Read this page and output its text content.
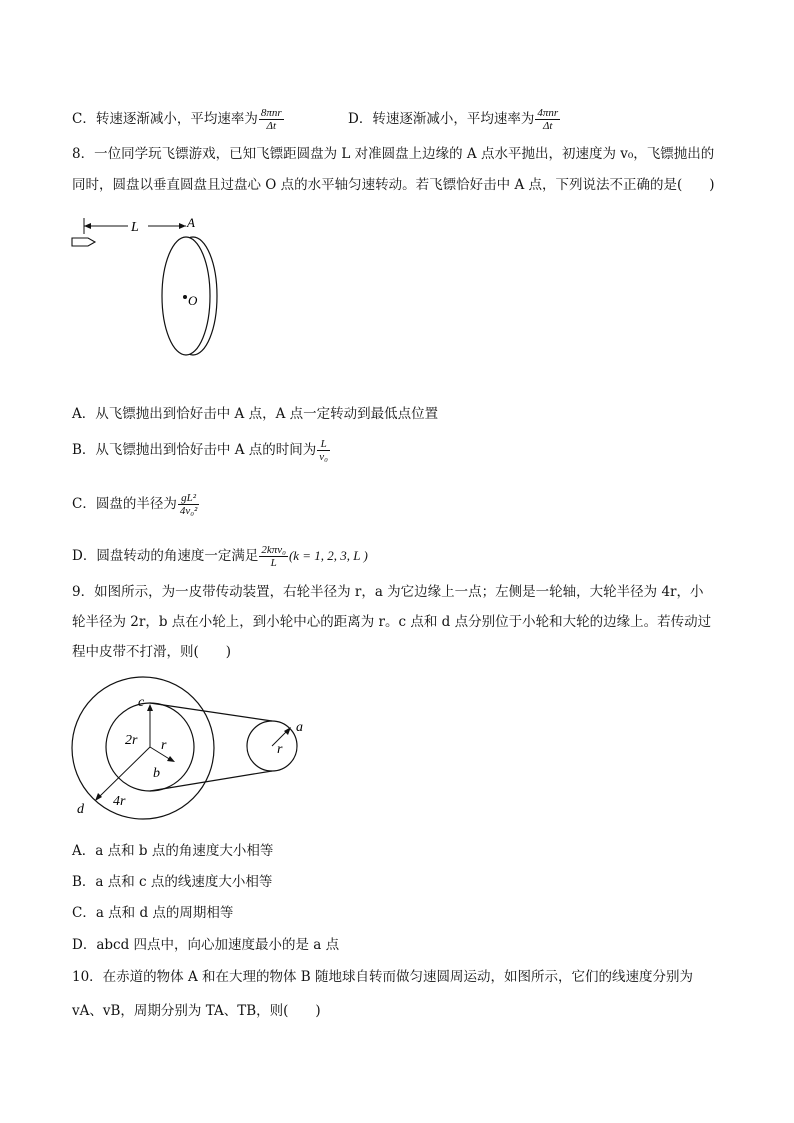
C．转速逐渐减小，平均速率为 $\frac{\text{8πnr}}{\Delta t}$	D．转速逐渐减小，平均速率为 $\frac{\text{4πnr}}{\Delta t}$
8．一位同学玩飞镖游戏，已知飞镖距圆盘为 L 对准圆盘上边缘的 A 点水平抛出，初速度为 v₀，飞镖抛出的
同时，圆盘以垂直圆盘且过盘心 O 点的水平轴匀速转动。若飞镖恰好击中 A 点，下列说法不正确的是(　　)
L	A
O
A．从飞镖抛出到恰好击中 A 点，A 点一定转动到最低点位置
B．从飞镖抛出到恰好击中 A 点的时间为 $\frac{L}{\text{v₀}}$
C．圆盘的半径为 $\frac{\text{gL²}}{\text{4v₀²}}$
D．圆盘转动的角速度一定满足 $\frac{\text{2kπv₀}}{L} (k = 1$, 2, 3, L )
9．如图所示，为一皮带传动装置，右轮半径为 r，a 为它边缘上一点；左侧是一轮轴，大轮半径为 4r，小
轮半径为 2r，b 点在小轮上，到小轮中心的距离为 r。c 点和 d 点分别位于小轮和大轮的边缘上。若传动过
程中皮带不打滑，则(　　)
c
2r r
b
d
4r
a
r
A．a 点和 b 点的角速度大小相等
B．a 点和 c 点的线速度大小相等
C．a 点和 d 点的周期相等
D．abcd 四点中，向心加速度最小的是 a 点
10．在赤道的物体 A 和在大理的物体 B 随地球自转而做匀速圆周运动，如图所示，它们的线速度分别为
vA、vB，周期分别为 TA、TB，则(　　)
